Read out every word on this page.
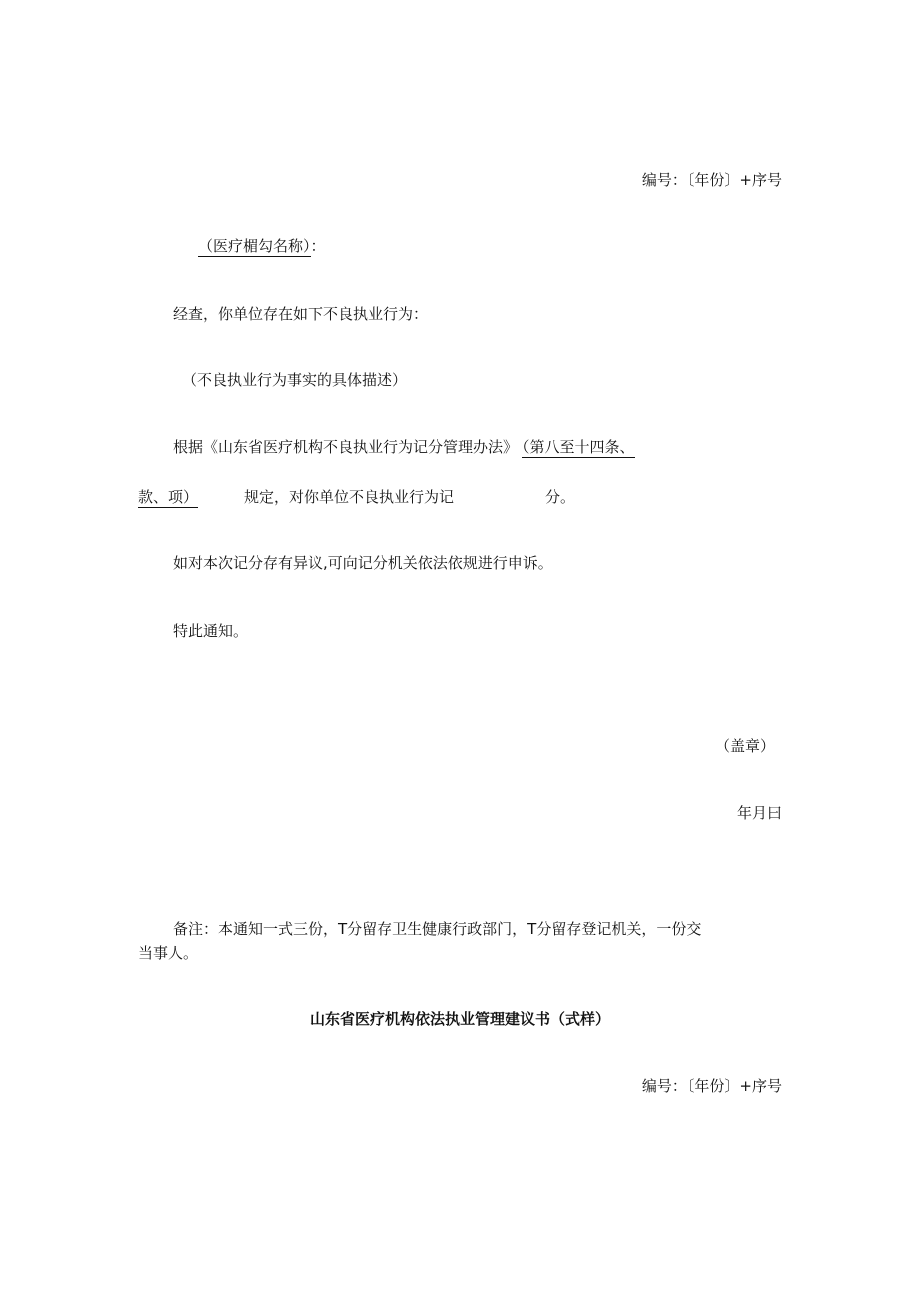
编号：〔年份〕+序号
（医疗楣勾名称）：
经查，你单位存在如下不良执业行为：
（不良执业行为事实的具体描述）
根据《山东省医疗机构不良执业行为记分管理办法》 （第八至十四条、
款、项）	规定，对你单位不良执业行为记	分。
如对本次记分存有异议,可向记分机关依法依规进行申诉。
特此通知。
（盖章）
年月曰
备注：本通知一式三份，T分留存卫生健康行政部门，T分留存登记机关，一份交
当事人。
山东省医疗机构依法执业管理建议书（式样）
编号：〔年份〕+序号
